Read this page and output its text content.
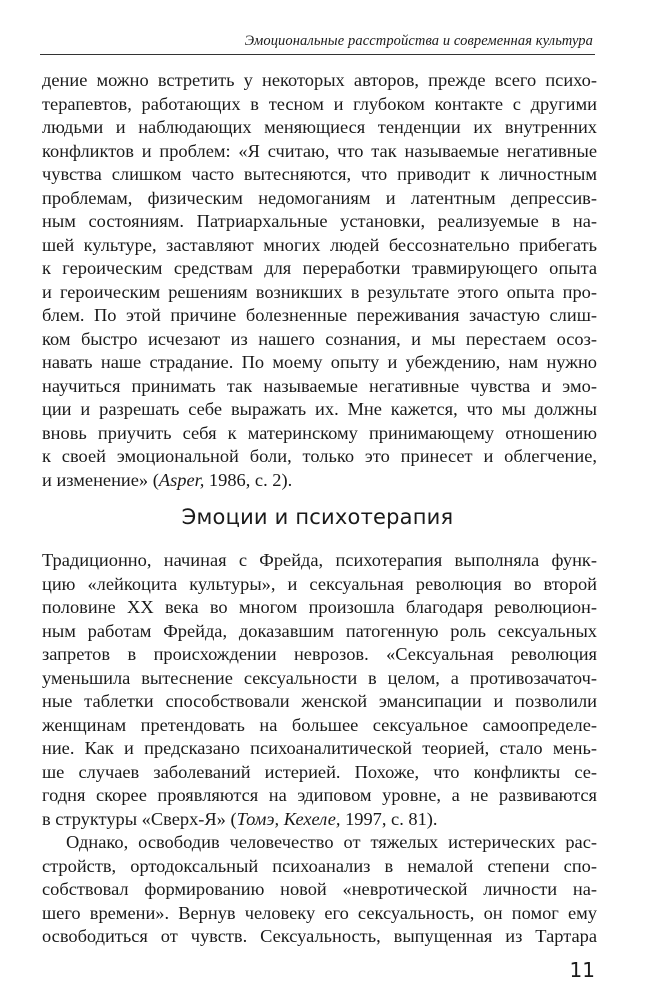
Эмоциональные расстройства и современная культура
дение можно встретить у некоторых авторов, прежде всего психо-
терапевтов, работающих в тесном и глубоком контакте с другими
людьми и наблюдающих меняющиеся тенденции их внутренних
конфликтов и проблем: «Я считаю, что так называемые негативные
чувства слишком часто вытесняются, что приводит к личностным
проблемам, физическим недомоганиям и латентным депрессив-
ным состояниям. Патриархальные установки, реализуемые в на-
шей культуре, заставляют многих людей бессознательно прибегать
к героическим средствам для переработки травмирующего опыта
и героическим решениям возникших в результате этого опыта про-
блем. По этой причине болезненные переживания зачастую слиш-
ком быстро исчезают из нашего сознания, и мы перестаем осоз-
навать наше страдание. По моему опыту и убеждению, нам нужно
научиться принимать так называемые негативные чувства и эмо-
ции и разрешать себе выражать их. Мне кажется, что мы должны
вновь приучить себя к материнскому принимающему отношению
к своей эмоциональной боли, только это принесет и облегчение,
и изменение» (Asper, 1986, с. 2).
Эмоции и психотерапия
Традиционно, начиная с Фрейда, психотерапия выполняла функ-
цию «лейкоцита культуры», и сексуальная революция во второй
половине XX века во многом произошла благодаря революцион-
ным работам Фрейда, доказавшим патогенную роль сексуальных
запретов в происхождении неврозов. «Сексуальная революция
уменьшила вытеснение сексуальности в целом, а противозачаточ-
ные таблетки способствовали женской эмансипации и позволили
женщинам претендовать на большее сексуальное самоопределе-
ние. Как и предсказано психоаналитической теорией, стало мень-
ше случаев заболеваний истерией. Похоже, что конфликты се-
годня скорее проявляются на эдиповом уровне, а не развиваются
в структуры «Сверх-Я» (Томэ, Кехеле, 1997, с. 81).
Однако, освободив человечество от тяжелых истерических рас-
стройств, ортодоксальный психоанализ в немалой степени спо-
собствовал формированию новой «невротической личности на-
шего времени». Вернув человеку его сексуальность, он помог ему
освободиться от чувств. Сексуальность, выпущенная из Тартара
11
